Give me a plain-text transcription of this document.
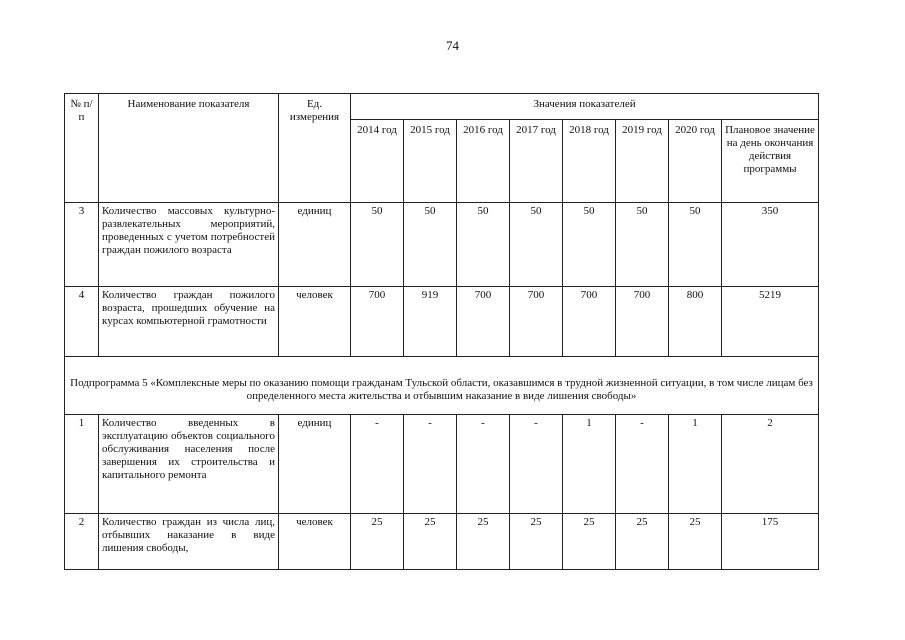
74
№ п/п	Наименование показателя	Ед. измерения	Значения показателей							
			2014 год	2015 год	2016 год	2017 год	2018 год	2019 год	2020 год	Плановое значение на день окончания действия программы
3	Количество массовых культурно-развлекательных мероприятий, проведенных с учетом потребностей граждан пожилого возраста	единиц	50	50	50	50	50	50	50	350
4	Количество граждан пожилого возраста, прошедших обучение на курсах компьютерной грамотности	человек	700	919	700	700	700	700	800	5219
Подпрограмма 5 «Комплексные меры по оказанию помощи гражданам Тульской области, оказавшимся в трудной жизненной ситуации, в том числе лицам без определенного места жительства и отбывшим наказание в виде лишения свободы»										
1	Количество введенных в эксплуатацию объектов социального обслуживания населения после завершения их строительства и капитального ремонта	единиц	-	-	-	-	1	-	1	2
2	Количество граждан из числа лиц, отбывших наказание в виде лишения свободы,	человек	25	25	25	25	25	25	25	175
